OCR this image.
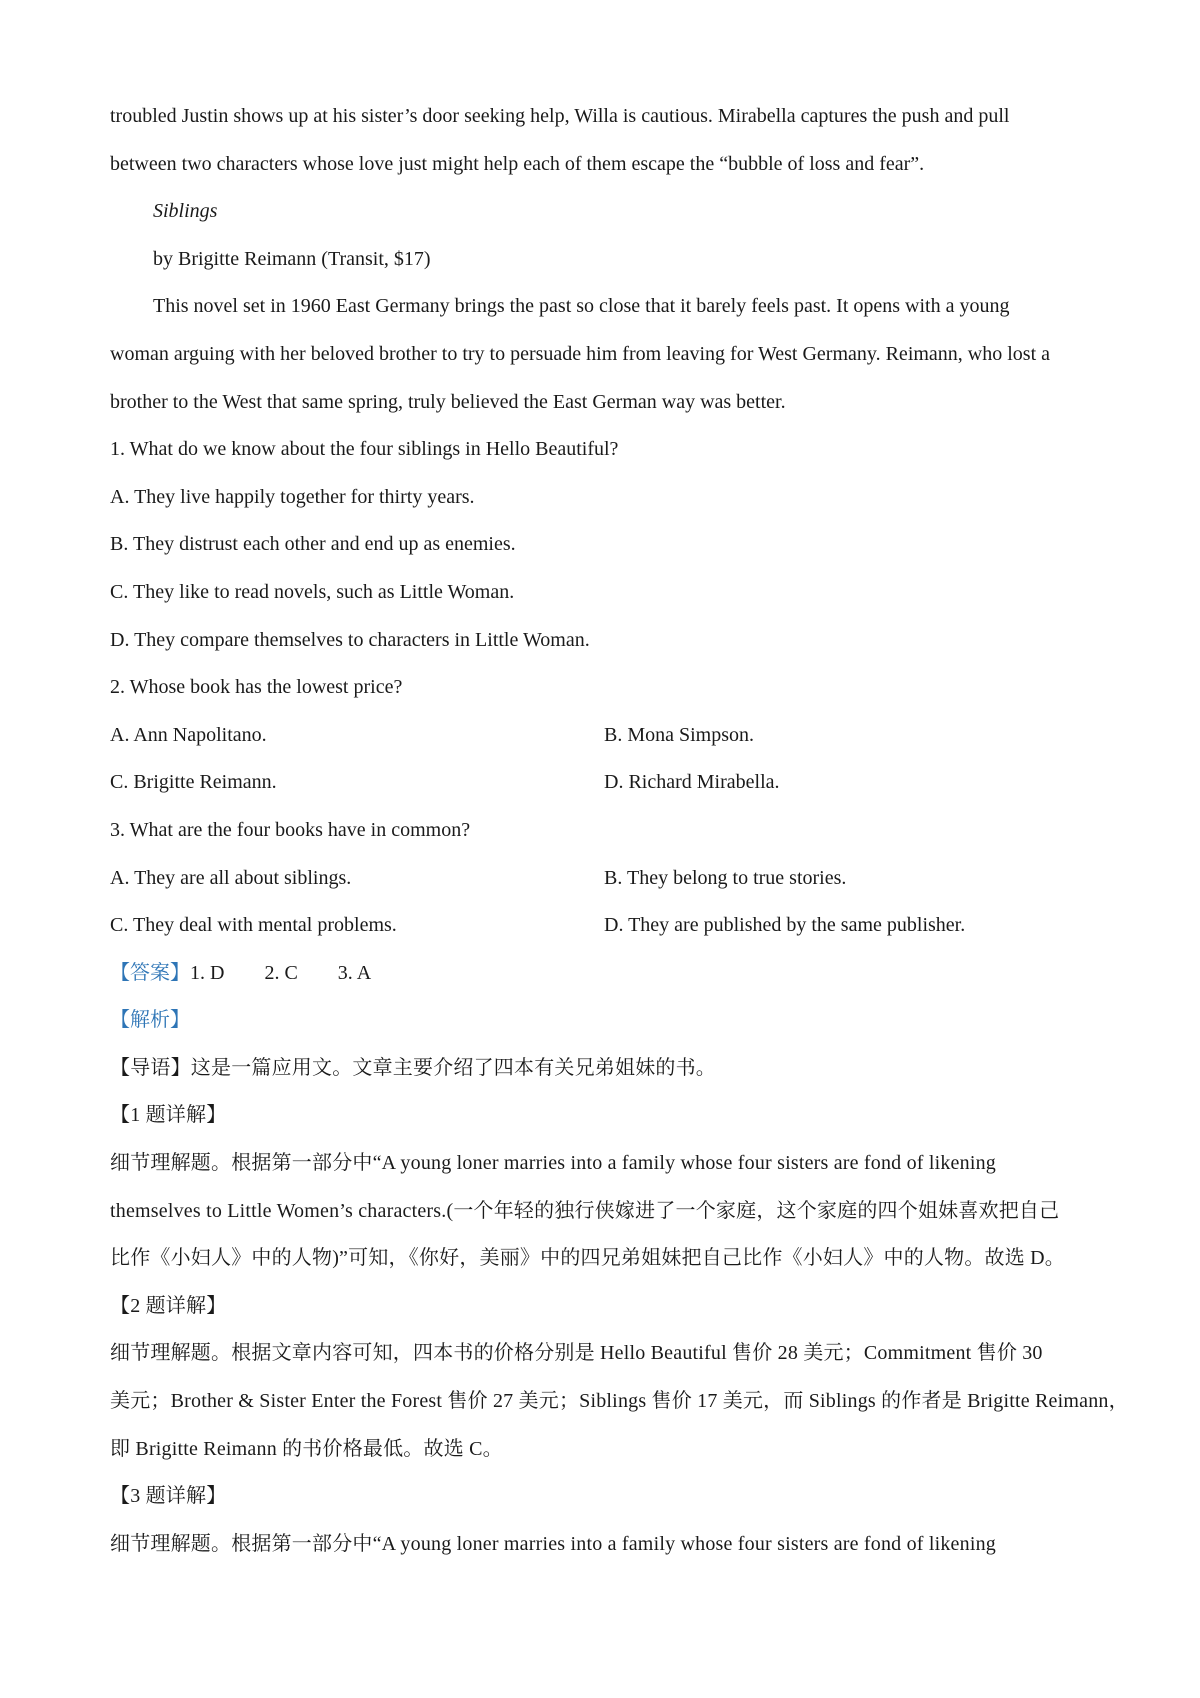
troubled Justin shows up at his sister’s door seeking help, Willa is cautious. Mirabella captures the push and pull
between two characters whose love just might help each of them escape the “bubble of loss and fear”.
Siblings
by Brigitte Reimann (Transit, $17)
This novel set in 1960 East Germany brings the past so close that it barely feels past. It opens with a young
woman arguing with her beloved brother to try to persuade him from leaving for West Germany. Reimann, who lost a
brother to the West that same spring, truly believed the East German way was better.
1. What do we know about the four siblings in Hello Beautiful?
A. They live happily together for thirty years.
B. They distrust each other and end up as enemies.
C. They like to read novels, such as Little Woman.
D. They compare themselves to characters in Little Woman.
2. Whose book has the lowest price?
A. Ann Napolitano.	B. Mona Simpson.
C. Brigitte Reimann.	D. Richard Mirabella.
3. What are the four books have in common?
A. They are all about siblings.	B. They belong to true stories.
C. They deal with mental problems.	D. They are published by the same publisher.
【答案】1. D 2. C 3. A
【解析】
【导语】这是一篇应用文。文章主要介绍了四本有关兄弟姐妹的书。
【1 题详解】
细节理解题。根据第一部分中“A young loner marries into a family whose four sisters are fond of likening
themselves to Little Women’s characters.(一个年轻的独行侠嫁进了一个家庭，这个家庭的四个姐妹喜欢把自己
比作《小妇人》中的人物)”可知，《你好，美丽》中的四兄弟姐妹把自己比作《小妇人》中的人物。故选 D。
【2 题详解】
细节理解题。根据文章内容可知，四本书的价格分别是 Hello Beautiful 售价 28 美元；Commitment 售价 30
美元；Brother & Sister Enter the Forest 售价 27 美元；Siblings 售价 17 美元，而 Siblings 的作者是 Brigitte Reimann，
即 Brigitte Reimann 的书价格最低。故选 C。
【3 题详解】
细节理解题。根据第一部分中“A young loner marries into a family whose four sisters are fond of likening
